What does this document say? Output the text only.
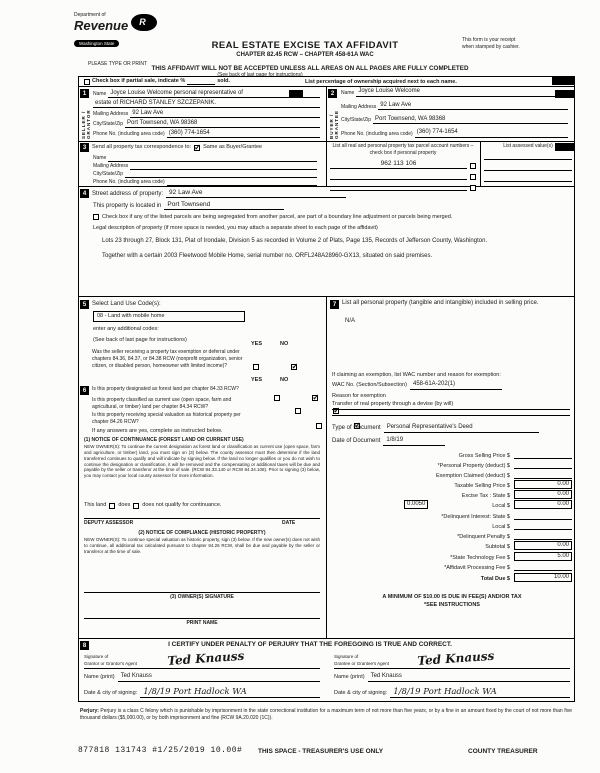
Department of
Revenue
Washington State
R
REAL ESTATE EXCISE TAX AFFIDAVIT
CHAPTER 82.45 RCW – CHAPTER 458-61A WAC
This form is your receipt
when stamped by cashier.
PLEASE TYPE OR PRINT
THIS AFFIDAVIT WILL NOT BE ACCEPTED UNLESS ALL AREAS ON ALL PAGES ARE FULLY COMPLETED
(See back of last page for instructions)
Check box if partial sale, indicate %	sold.	List percentage of ownership acquired next to each name.
1
SELLER / GRANTOR
Name Joyce Louise Welcome personal representative of
estate of RICHARD STANLEY SZCZEPANIK.
Mailing Address 92 Law Ave
City/State/Zip Port Townsend, WA 98368
Phone No. (including area code) (360) 774-1654
2
BUYER / GRANTEE
Name Joyce Louise Welcome
Mailing Address 92 Law Ave
City/State/Zip Port Townsend, WA 98368
Phone No. (including area code) (360) 774-1654
3	Send all property tax correspondence to: ✓ Same as Buyer/Grantee
Name
Mailing Address
City/State/Zip
Phone No. (including area code)
List all real and personal property tax parcel account numbers – check box if personal property
962 113 106
List assessed value(s)
4 Street address of property: 92 Law Ave
This property is located in Port Townsend
Check box if any of the listed parcels are being segregated from another parcel, are part of a boundary line adjustment or parcels being merged.
Legal description of property (if more space is needed, you may attach a separate sheet to each page of the affidavit)
Lots 23 through 27, Block 131, Plat of Irondale, Division 5 as recorded in Volume 2 of Plats, Page 135, Records of Jefferson County, Washington.
Together with a certain 2003 Fleetwood Mobile Home, serial number no. ORFL248A28960-GX13, situated on said premises.
5 Select Land Use Code(s):
08 - Land with mobile home
enter any additional codes:
(See back of last page for instructions)
YES	NO
Was the seller receiving a property tax exemption or deferral under chapters 84.36, 84.37, or 84.38 RCW (nonprofit organization, senior citizen, or disabled person, homeowner with limited income)?
✓
YES	NO
6	Is this property designated as forest land per chapter 84.33 RCW?
✓
Is this property classified as current use (open space, farm and agricultural, or timber) land per chapter 84.34 RCW?
✓
Is this property receiving special valuation as historical property per chapter 84.26 RCW?
✓
If any answers are yes, complete as instructed below.
(1) NOTICE OF CONTINUANCE (FOREST LAND OR CURRENT USE)
NEW OWNER(S): To continue the current designation as forest land or classification as current use (open space, farm and agriculture, or timber) land, you must sign on (3) below. The county assessor must then determine if the land transferred continues to qualify and will indicate by signing below. If the land no longer qualifies or you do not wish to continue the designation or classification, it will be removed and the compensating or additional taxes will be due and payable by the seller or transferor at the time of sale. (RCW 84.33.140 or RCW 84.34.108). Prior to signing (3) below, you may contact your local county assessor for more information.
This land does does not qualify for continuance.
DEPUTY ASSESSOR	DATE
(2) NOTICE OF COMPLIANCE (HISTORIC PROPERTY)
NEW OWNER(S): To continue special valuation as historic property, sign (3) below. If the new owner(s) does not wish to continue, all additional tax calculated pursuant to chapter 84.26 RCW, shall be due and payable by the seller or transferor at the time of sale.
(3) OWNER(S) SIGNATURE
PRINT NAME
7 List all personal property (tangible and intangible) included in selling price.
N/A
If claiming an exemption, list WAC number and reason for exemption:
WAC No. (Section/Subsection)	458-61A-202(1)
Reason for exemption
Transfer of real property through a devise (by will)
Type of Document	Personal Representative's Deed
Date of Document	1/8/19
Gross Selling Price $
*Personal Property (deduct) $
Exemption Claimed (deduct) $
Taxable Selling Price $	0.00
Excise Tax : State $	0.00
0.0050	Local $	0.00
*Delinquent Interest: State $
Local $
*Delinquent Penalty $
Subtotal $	0.00
*State Technology Fee $	5.00
*Affidavit Processing Fee $
Total Due $	10.00
A MINIMUM OF $10.00 IS DUE IN FEE(S) AND/OR TAX
*SEE INSTRUCTIONS
8	I CERTIFY UNDER PENALTY OF PERJURY THAT THE FOREGOING IS TRUE AND CORRECT.
Signature of
Grantor or Grantor's Agent	Ted Knauss
Name (print)	Ted Knauss
Date & city of signing: 1/8/19 Port Hadlock WA
Signature of
Grantee or Grantee's Agent Ted Knauss
Name (print)	Ted Knauss
Date & city of signing: 1/8/19 Port Hadlock WA
Perjury: Perjury is a class C felony which is punishable by imprisonment in the state correctional institution for a maximum term of not more than five years, or by a fine in an amount fixed by the court of not more than five thousand dollars ($5,000.00), or by both imprisonment and fine (RCW 9A.20.020 (1C)).
877818 131743 #1/25/2019 10.00# THIS SPACE - TREASURER'S USE ONLY	COUNTY TREASURER
